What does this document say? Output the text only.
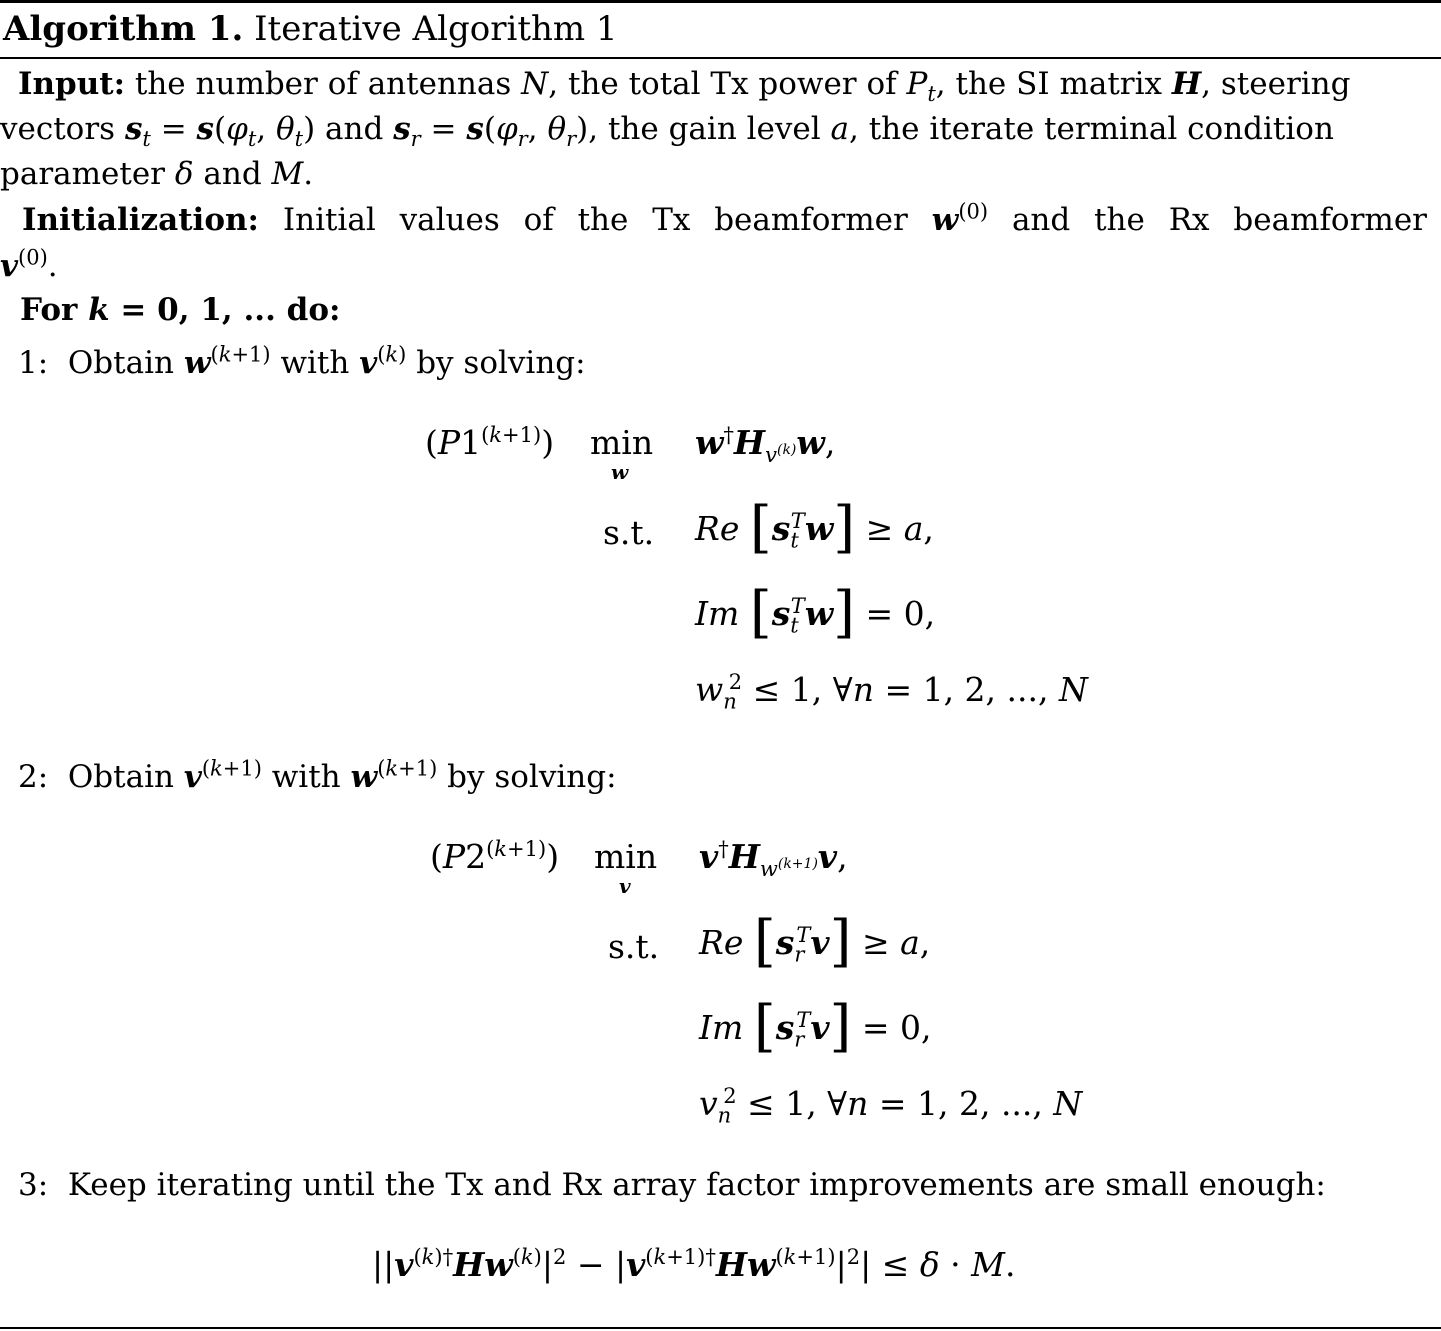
Algorithm 1. Iterative Algorithm 1
Input: the number of antennas N, the total Tx power of $P_t$, the SI matrix H, steering
vectors $s_t = s(\varphi_t$, $\theta_t$) and $s_r = s(\varphi_r$, $\theta_r$), the gain level a, the iterate terminal condition
parameter δ and M.
Initialization: Initial values of the Tx beamformer $w^{(0)}$ and the Rx beamformer
$v^{(0)}$.
For k = 0, 1, ... do:
1:  Obtain $w^{(k+1)}$ with $v^{(k)}$ by solving:
$(P1^{(k+1)})$ min
w
$w^\dagger H_{v^{(k)}}w$,
s.t. Re $[s_t^Tw] \ge a$,
Im $[s_t^Tw] = 0$,
$w_n^2 \le 1$, ∀n = 1, 2, ..., N
2:  Obtain $v^{(k+1)}$ with $w^{(k+1)}$ by solving:
$(P2^{(k+1)})$ min
v
$v^\dagger H_{w^{(k+1)}}v$,
s.t. Re $[s_r^Tv] \ge a$,
Im $[s_r^Tv] = 0$,
$v_n^2 \le 1$, ∀n = 1, 2, ..., N
3: Keep iterating until the Tx and Rx array factor improvements are small enough:
$||v^{(k)\dagger}Hw^{(k)}|^2 - |v^{(k+1)\dagger}Hw^{(k+1)}|^2| \le \delta \cdot M$.
